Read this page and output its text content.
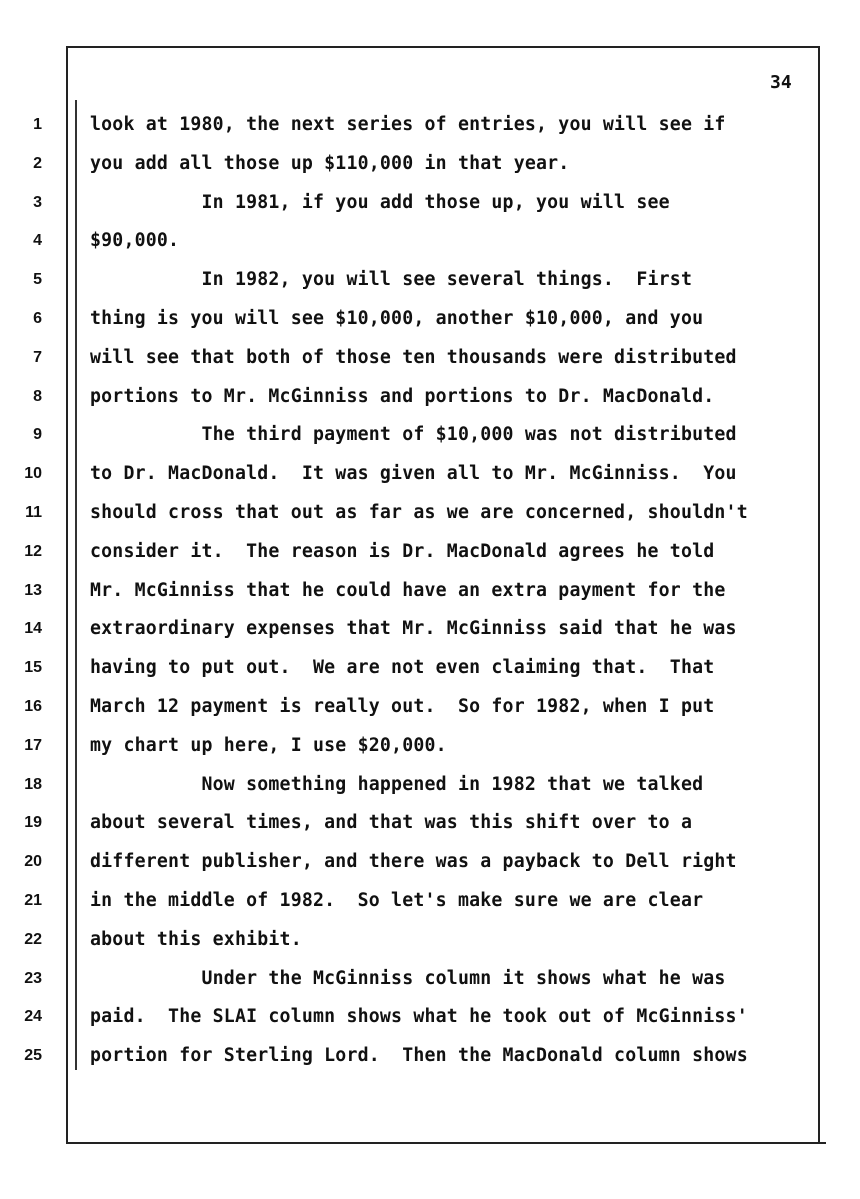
34
1	look at 1980, the next series of entries, you will see if
2	you add all those up $110,000 in that year.
3	In 1981, if you add those up, you will see
4	$90,000.
5	In 1982, you will see several things.  First
6	thing is you will see $10,000, another $10,000, and you
7	will see that both of those ten thousands were distributed
8	portions to Mr. McGinniss and portions to Dr. MacDonald.
9	The third payment of $10,000 was not distributed
10	to Dr. MacDonald.  It was given all to Mr. McGinniss.  You
11	should cross that out as far as we are concerned, shouldn't
12	consider it.  The reason is Dr. MacDonald agrees he told
13	Mr. McGinniss that he could have an extra payment for the
14	extraordinary expenses that Mr. McGinniss said that he was
15	having to put out.  We are not even claiming that.  That
16	March 12 payment is really out.  So for 1982, when I put
17	my chart up here, I use $20,000.
18	Now something happened in 1982 that we talked
19	about several times, and that was this shift over to a
20	different publisher, and there was a payback to Dell right
21	in the middle of 1982.  So let's make sure we are clear
22	about this exhibit.
23	Under the McGinniss column it shows what he was
24	paid.  The SLAI column shows what he took out of McGinniss'
25	portion for Sterling Lord.  Then the MacDonald column shows
